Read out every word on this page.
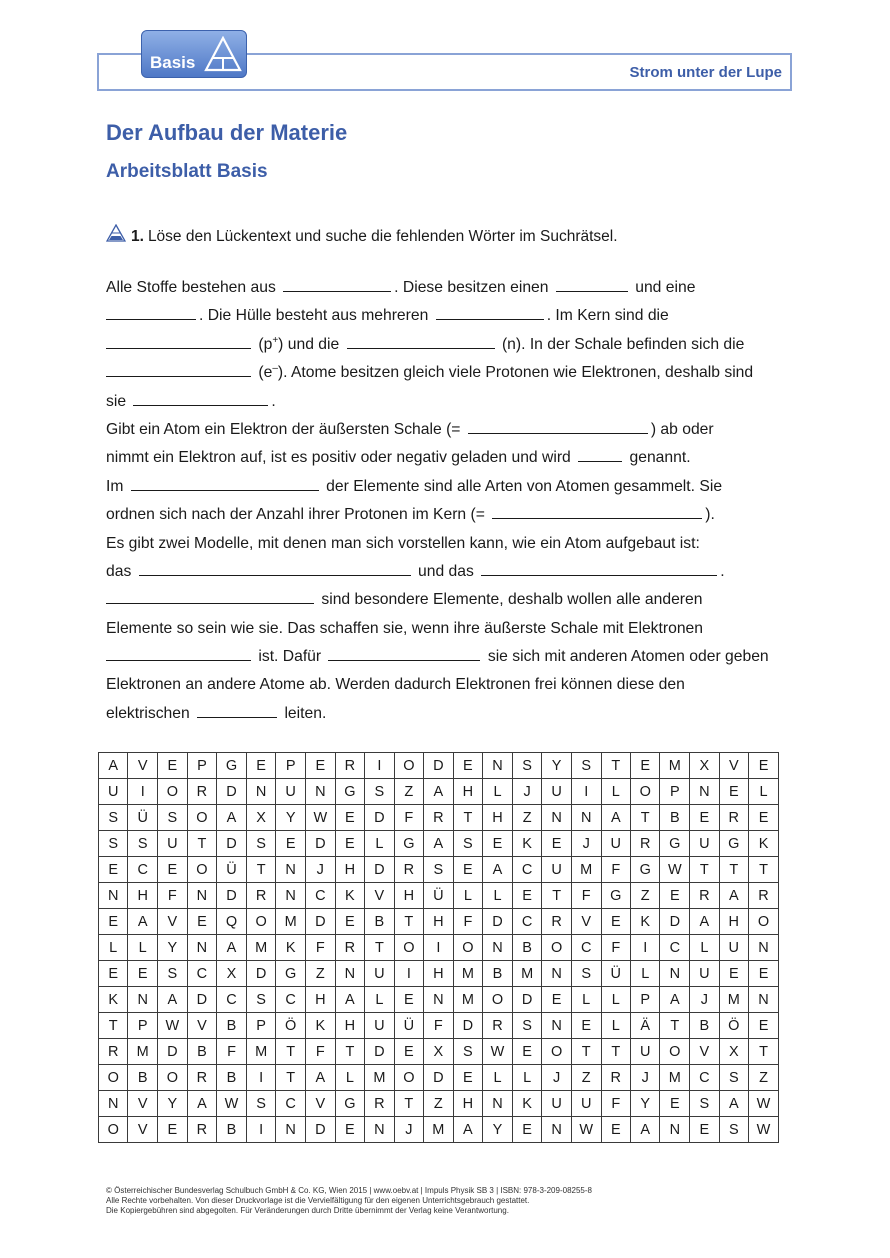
Strom unter der Lupe
Basis
Der Aufbau der Materie
Arbeitsblatt Basis
1. Löse den Lückentext und suche die fehlenden Wörter im Suchrätsel.
Alle Stoffe bestehen aus	. Diese besitzen einen	und eine
. Die Hülle besteht aus mehreren	. Im Kern sind die
(p+) und die	(n). In der Schale befinden sich die
(e–). Atome besitzen gleich viele Protonen wie Elektronen, deshalb sind
sie	.
Gibt ein Atom ein Elektron der äußersten Schale (=	) ab oder
nimmt ein Elektron auf, ist es positiv oder negativ geladen und wird	genannt.
Im	der Elemente sind alle Arten von Atomen gesammelt. Sie
ordnen sich nach der Anzahl ihrer Protonen im Kern (=	).
Es gibt zwei Modelle, mit denen man sich vorstellen kann, wie ein Atom aufgebaut ist:
das	und das	.
sind besondere Elemente, deshalb wollen alle anderen
Elemente so sein wie sie. Das schaffen sie, wenn ihre äußerste Schale mit Elektronen
ist. Dafür	sie sich mit anderen Atomen oder geben
Elektronen an andere Atome ab. Werden dadurch Elektronen frei können diese den
elektrischen	leiten.
A	V	E	P	G	E	P	E	R	I	O	D	E	N	S	Y	S	T	E	M	X	V	E
U	I	O	R	D	N	U	N	G	S	Z	A	H	L	J	U	I	L	O	P	N	E	L
S	Ü	S	O	A	X	Y	W	E	D	F	R	T	H	Z	N	N	A	T	B	E	R	E
S	S	U	T	D	S	E	D	E	L	G	A	S	E	K	E	J	U	R	G	U	G	K
E	C	E	O	Ü	T	N	J	H	D	R	S	E	A	C	U	M	F	G	W	T	T	T
N	H	F	N	D	R	N	C	K	V	H	Ü	L	L	E	T	F	G	Z	E	R	A	R
E	A	V	E	Q	O	M	D	E	B	T	H	F	D	C	R	V	E	K	D	A	H	O
L	L	Y	N	A	M	K	F	R	T	O	I	O	N	B	O	C	F	I	C	L	U	N
E	E	S	C	X	D	G	Z	N	U	I	H	M	B	M	N	S	Ü	L	N	U	E	E
K	N	A	D	C	S	C	H	A	L	E	N	M	O	D	E	L	L	P	A	J	M	N
T	P	W	V	B	P	Ö	K	H	U	Ü	F	D	R	S	N	E	L	Ä	T	B	Ö	E
R	M	D	B	F	M	T	F	T	D	E	X	S	W	E	O	T	T	U	O	V	X	T
O	B	O	R	B	I	T	A	L	M	O	D	E	L	L	J	Z	R	J	M	C	S	Z
N	V	Y	A	W	S	C	V	G	R	T	Z	H	N	K	U	U	F	Y	E	S	A	W
O	V	E	R	B	I	N	D	E	N	J	M	A	Y	E	N	W	E	A	N	E	S	W
© Österreichischer Bundesverlag Schulbuch GmbH & Co. KG, Wien 2015 | www.oebv.at | Impuls Physik SB 3 | ISBN: 978-3-209-08255-8
Alle Rechte vorbehalten. Von dieser Druckvorlage ist die Vervielfältigung für den eigenen Unterrichtsgebrauch gestattet.
Die Kopiergebühren sind abgegolten. Für Veränderungen durch Dritte übernimmt der Verlag keine Verantwortung.
